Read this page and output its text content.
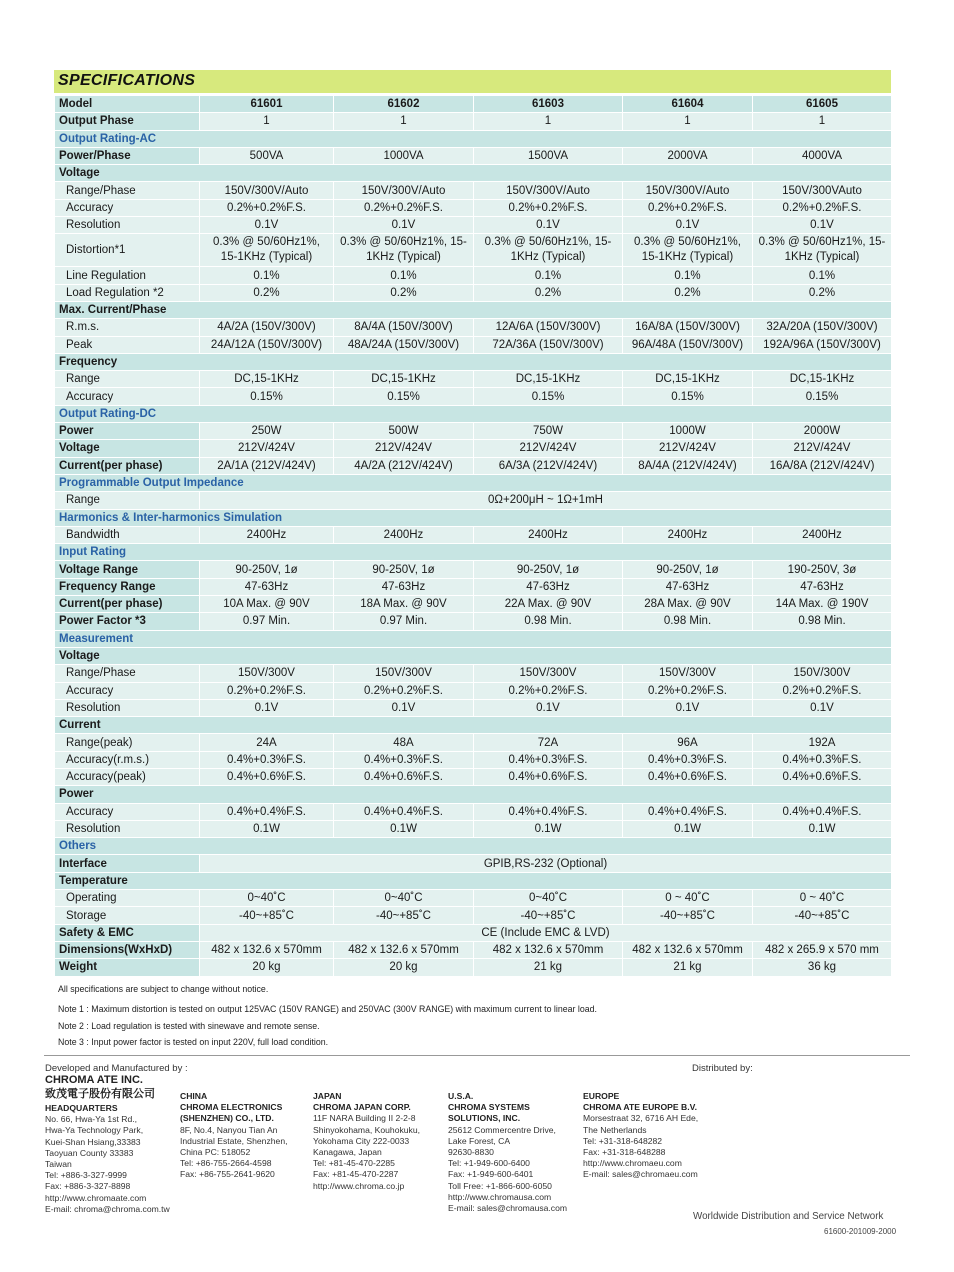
SPECIFICATIONS
Model	61601	61602	61603	61604	61605
Output Phase	1	1	1	1	1
Output Rating-AC					
Power/Phase	500VA	1000VA	1500VA	2000VA	4000VA
Voltage					
Range/Phase	150V/300V/Auto	150V/300V/Auto	150V/300V/Auto	150V/300V/Auto	150V/300VAuto
Accuracy	0.2%+0.2%F.S.	0.2%+0.2%F.S.	0.2%+0.2%F.S.	0.2%+0.2%F.S.	0.2%+0.2%F.S.
Resolution	0.1V	0.1V	0.1V	0.1V	0.1V
Distortion*1	0.3% @ 50/60Hz1%, 15-1KHz (Typical)	0.3% @ 50/60Hz1%, 15-1KHz (Typical)	0.3% @ 50/60Hz1%, 15-1KHz (Typical)	0.3% @ 50/60Hz1%, 15-1KHz (Typical)	0.3% @ 50/60Hz1%, 15-1KHz (Typical)
Line Regulation	0.1%	0.1%	0.1%	0.1%	0.1%
Load Regulation *2	0.2%	0.2%	0.2%	0.2%	0.2%
Max. Current/Phase					
R.m.s.	4A/2A (150V/300V)	8A/4A (150V/300V)	12A/6A (150V/300V)	16A/8A (150V/300V)	32A/20A (150V/300V)
Peak	24A/12A (150V/300V)	48A/24A (150V/300V)	72A/36A (150V/300V)	96A/48A (150V/300V)	192A/96A (150V/300V)
Frequency					
Range	DC,15-1KHz	DC,15-1KHz	DC,15-1KHz	DC,15-1KHz	DC,15-1KHz
Accuracy	0.15%	0.15%	0.15%	0.15%	0.15%
Output Rating-DC					
Power	250W	500W	750W	1000W	2000W
Voltage	212V/424V	212V/424V	212V/424V	212V/424V	212V/424V
Current(per phase)	2A/1A (212V/424V)	4A/2A (212V/424V)	6A/3A (212V/424V)	8A/4A (212V/424V)	16A/8A (212V/424V)
Programmable Output Impedance					
Range	0Ω+200μH ~ 1Ω+1mH				
Harmonics & Inter-harmonics Simulation					
Bandwidth	2400Hz	2400Hz	2400Hz	2400Hz	2400Hz
Input Rating					
Voltage Range	90-250V, 1ø	90-250V, 1ø	90-250V, 1ø	90-250V, 1ø	190-250V, 3ø
Frequency Range	47-63Hz	47-63Hz	47-63Hz	47-63Hz	47-63Hz
Current(per phase)	10A Max. @ 90V	18A Max. @ 90V	22A Max. @ 90V	28A Max. @ 90V	14A Max. @ 190V
Power Factor *3	0.97 Min.	0.97 Min.	0.98 Min.	0.98 Min.	0.98 Min.
Measurement					
Voltage					
Range/Phase	150V/300V	150V/300V	150V/300V	150V/300V	150V/300V
Accuracy	0.2%+0.2%F.S.	0.2%+0.2%F.S.	0.2%+0.2%F.S.	0.2%+0.2%F.S.	0.2%+0.2%F.S.
Resolution	0.1V	0.1V	0.1V	0.1V	0.1V
Current					
Range(peak)	24A	48A	72A	96A	192A
Accuracy(r.m.s.)	0.4%+0.3%F.S.	0.4%+0.3%F.S.	0.4%+0.3%F.S.	0.4%+0.3%F.S.	0.4%+0.3%F.S.
Accuracy(peak)	0.4%+0.6%F.S.	0.4%+0.6%F.S.	0.4%+0.6%F.S.	0.4%+0.6%F.S.	0.4%+0.6%F.S.
Power					
Accuracy	0.4%+0.4%F.S.	0.4%+0.4%F.S.	0.4%+0.4%F.S.	0.4%+0.4%F.S.	0.4%+0.4%F.S.
Resolution	0.1W	0.1W	0.1W	0.1W	0.1W
Others					
Interface	GPIB,RS-232 (Optional)				
Temperature					
Operating	0~40˚C	0~40˚C	0~40˚C	0 ~ 40˚C	0 ~ 40˚C
Storage	-40~+85˚C	-40~+85˚C	-40~+85˚C	-40~+85˚C	-40~+85˚C
Safety & EMC	CE (Include EMC & LVD)				
Dimensions(WxHxD)	482 x 132.6 x 570mm	482 x 132.6 x 570mm	482 x 132.6 x 570mm	482 x 132.6 x 570mm	482 x 265.9 x 570 mm
Weight	20 kg	20 kg	21 kg	21 kg	36 kg
All specifications are subject to change without notice.
Note 1 : Maximum distortion is tested on output 125VAC (150V RANGE) and 250VAC (300V RANGE) with maximum current to linear load.
Note 2 : Load regulation is tested with sinewave and remote sense.
Note 3 : Input power factor is tested on input 220V, full load condition.
Developed and Manufactured by :
CHROMA ATE INC.
致茂電子股份有限公司
Distributed by:
Worldwide Distribution and Service Network
61600-201009-2000
HEADQUARTERS
No. 66, Hwa-Ya 1st Rd.,
Hwa-Ya Technology Park,
Kuei-Shan Hsiang,33383
Taoyuan County 33383
Taiwan
Tel: +886-3-327-9999
Fax: +886-3-327-8898
http://www.chromaate.com
E-mail: chroma@chroma.com.tw
CHINA
CHROMA ELECTRONICS
(SHENZHEN) CO., LTD.
8F, No.4, Nanyou Tian An
Industrial Estate, Shenzhen,
China PC: 518052
Tel: +86-755-2664-4598
Fax: +86-755-2641-9620
JAPAN
CHROMA JAPAN CORP.
11F NARA Building II 2-2-8
Shinyokohama, Kouhokuku,
Yokohama City 222-0033
Kanagawa, Japan
Tel: +81-45-470-2285
Fax: +81-45-470-2287
http://www.chroma.co.jp
U.S.A.
CHROMA SYSTEMS
SOLUTIONS, INC.
25612 Commercentre Drive,
Lake Forest, CA
92630-8830
Tel: +1-949-600-6400
Fax: +1-949-600-6401
Toll Free: +1-866-600-6050
http://www.chromausa.com
E-mail: sales@chromausa.com
EUROPE
CHROMA ATE EUROPE B.V.
Morsestraat 32, 6716 AH Ede,
The Netherlands
Tel: +31-318-648282
Fax: +31-318-648288
http://www.chromaeu.com
E-mail: sales@chromaeu.com
